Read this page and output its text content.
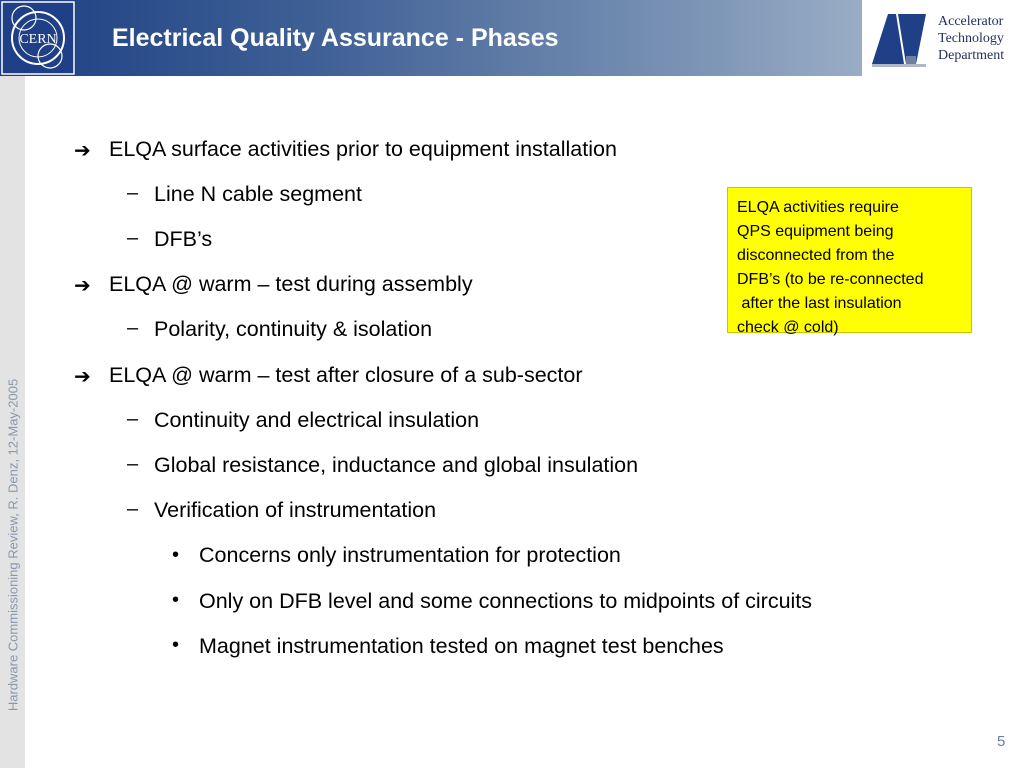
CERN Electrical Quality Assurance - Phases
Accelerator
Technology
Department
Hardware Commissioning Review, R. Denz, 12-May-2005
➔ ELQA surface activities prior to equipment installation
– Line N cable segment
– DFB’s
➔ ELQA @ warm – test during assembly
– Polarity, continuity & isolation
➔ ELQA @ warm – test after closure of a sub-sector
– Continuity and electrical insulation
– Global resistance, inductance and global insulation
– Verification of instrumentation
• Concerns only instrumentation for protection
• Only on DFB level and some connections to midpoints of circuits
• Magnet instrumentation tested on magnet test benches
ELQA activities require
QPS equipment being
disconnected from the
DFB’s (to be re-connected
after the last insulation
check @ cold)
5
